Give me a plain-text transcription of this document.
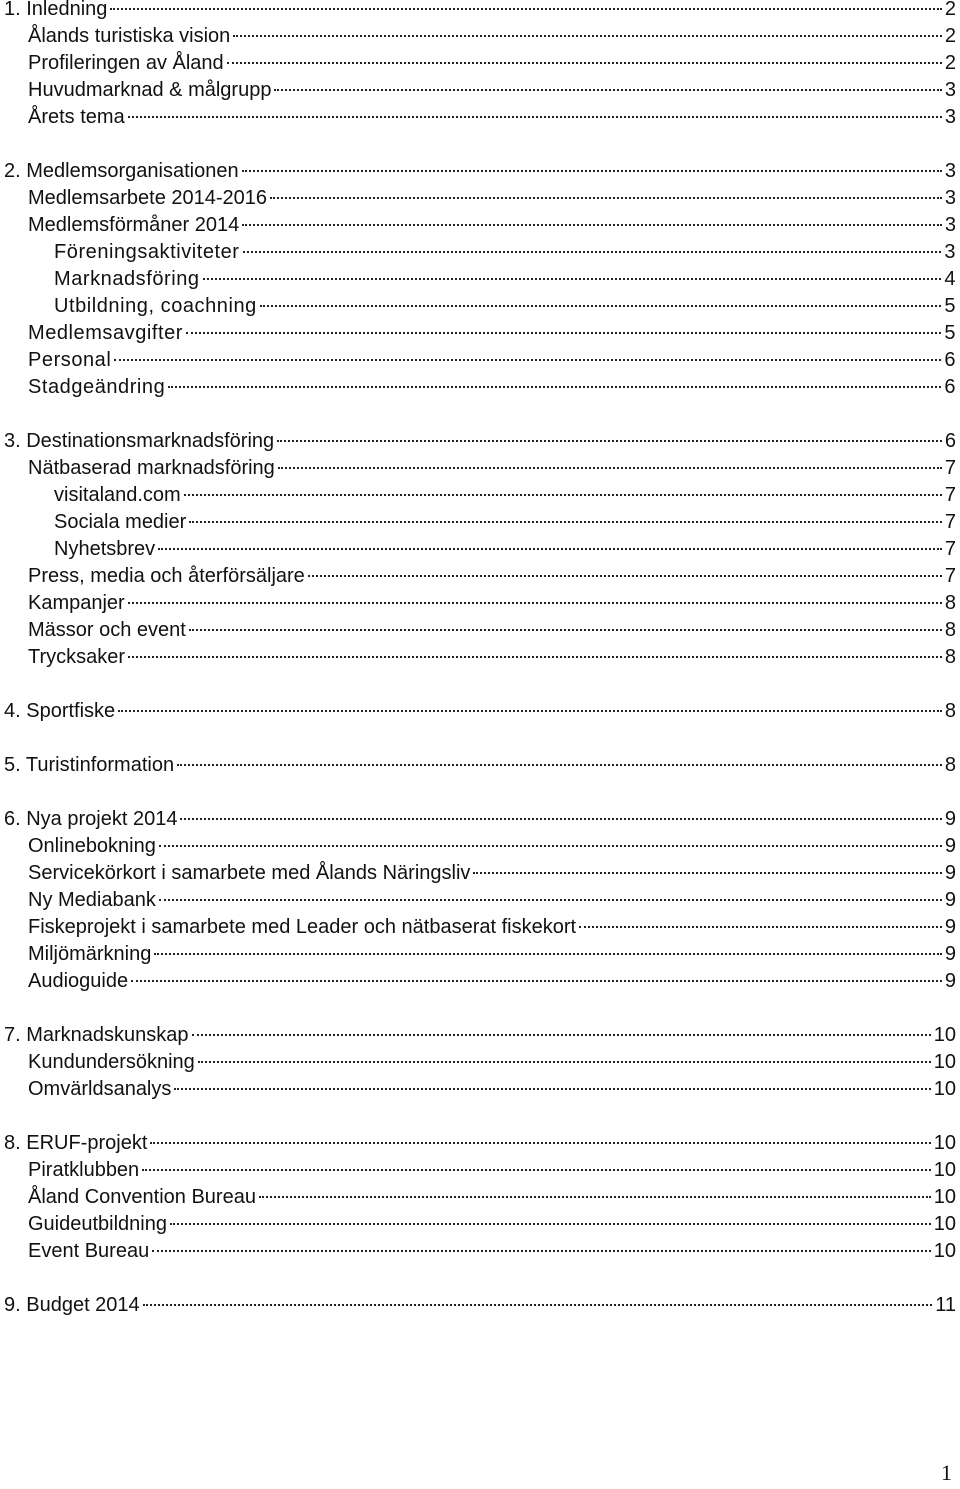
1. Inledning	2
Ålands turistiska vision	2
Profileringen av Åland	2
Huvudmarknad & målgrupp	3
Årets tema	3
2. Medlemsorganisationen	3
Medlemsarbete 2014-2016	3
Medlemsförmåner 2014	3
Föreningsaktiviteter	3
Marknadsföring	4
Utbildning, coachning	5
Medlemsavgifter	5
Personal	6
Stadgeändring	6
3. Destinationsmarknadsföring	6
Nätbaserad marknadsföring	7
visitaland.com	7
Sociala medier	7
Nyhetsbrev	7
Press, media och återförsäljare	7
Kampanjer	8
Mässor och event	8
Trycksaker	8
4. Sportfiske	8
5. Turistinformation	8
6. Nya projekt 2014	9
Onlinebokning	9
Servicekörkort i samarbete med Ålands Näringsliv	9
Ny Mediabank	9
Fiskeprojekt i samarbete med Leader och nätbaserat fiskekort	9
Miljömärkning	9
Audioguide	9
7. Marknadskunskap	10
Kundundersökning	10
Omvärldsanalys	10
8. ERUF-projekt	10
Piratklubben	10
Åland Convention Bureau	10
Guideutbildning	10
Event Bureau	10
9. Budget 2014	11
1
